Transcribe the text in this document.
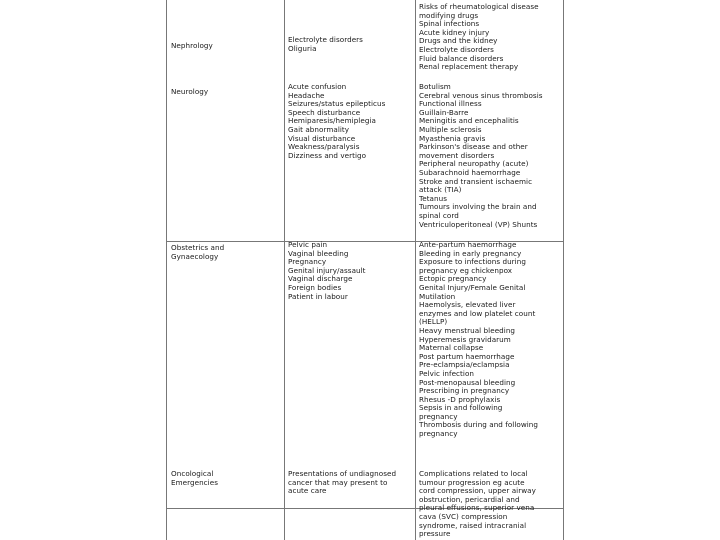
Nephrology
Electrolyte disorders
Oliguria
Risks of rheumatological disease
modifying drugs
Spinal infections
Acute kidney injury
Drugs and the kidney
Electrolyte disorders
Fluid balance disorders
Renal replacement therapy
Neurology
Acute confusion
Headache
Seizures/status epilepticus
Speech disturbance
Hemiparesis/hemiplegia
Gait abnormality
Visual disturbance
Weakness/paralysis
Dizziness and vertigo
Botulism
Cerebral venous sinus thrombosis
Functional illness
Guillain-Barre
Meningitis and encephalitis
Multiple sclerosis
Myasthenia gravis
Parkinson's disease and other
movement disorders
Peripheral neuropathy (acute)
Subarachnoid haemorrhage
Stroke and transient ischaemic
attack (TIA)
Tetanus
Tumours involving the brain and
spinal cord
Ventriculoperitoneal (VP) Shunts
Obstetrics and
Gynaecology
Pelvic pain
Vaginal bleeding
Pregnancy
Genital injury/assault
Vaginal discharge
Foreign bodies
Patient in labour
Ante-partum haemorrhage
Bleeding in early pregnancy
Exposure to infections during
pregnancy eg chickenpox
Ectopic pregnancy
Genital Injury/Female Genital
Mutilation
Haemolysis, elevated liver
enzymes and low platelet count
(HELLP)
Heavy menstrual bleeding
Hyperemesis gravidarum
Maternal collapse
Post partum haemorrhage
Pre-eclampsia/eclampsia
Pelvic infection
Post-menopausal bleeding
Prescribing in pregnancy
Rhesus -D prophylaxis
Sepsis in and following
pregnancy
Thrombosis during and following
pregnancy
Oncological
Emergencies
Presentations of undiagnosed
cancer that may present to
acute care
Complications related to local
tumour progression eg acute
cord compression, upper airway
obstruction, pericardial and
pleural effusions, superior vena
cava (SVC) compression
syndrome, raised intracranial
pressure
